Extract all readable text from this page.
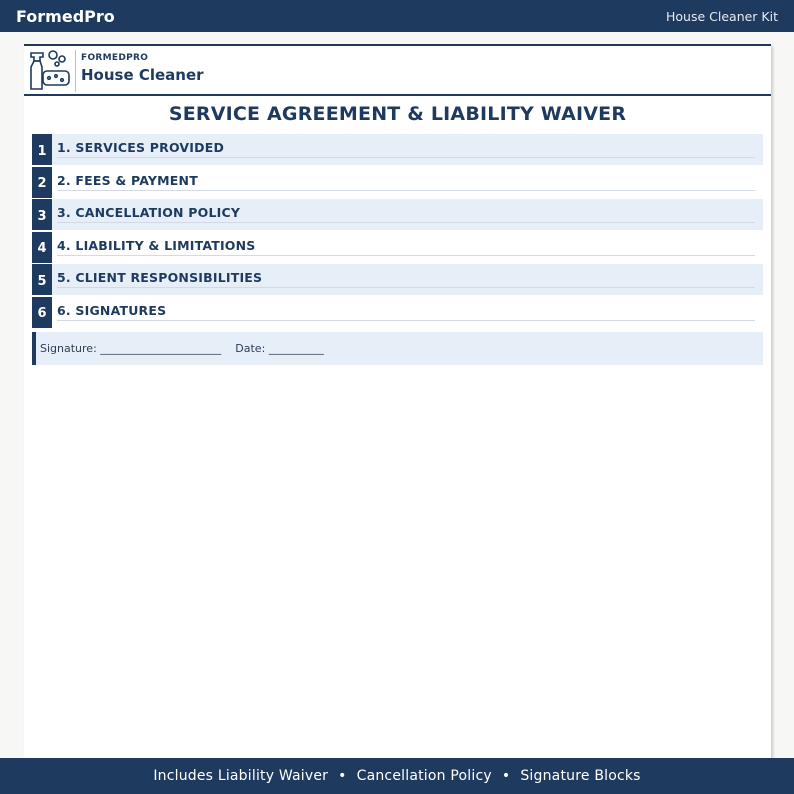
FormedPro	House Cleaner Kit
FORMEDPRO
House Cleaner
SERVICE AGREEMENT & LIABILITY WAIVER
1 1. SERVICES PROVIDED
2 2. FEES & PAYMENT
3 3. CANCELLATION POLICY
4 4. LIABILITY & LIMITATIONS
5 5. CLIENT RESPONSIBILITIES
6 6. SIGNATURES
Signature: ______________________ Date: __________
Includes Liability Waiver • Cancellation Policy • Signature Blocks
